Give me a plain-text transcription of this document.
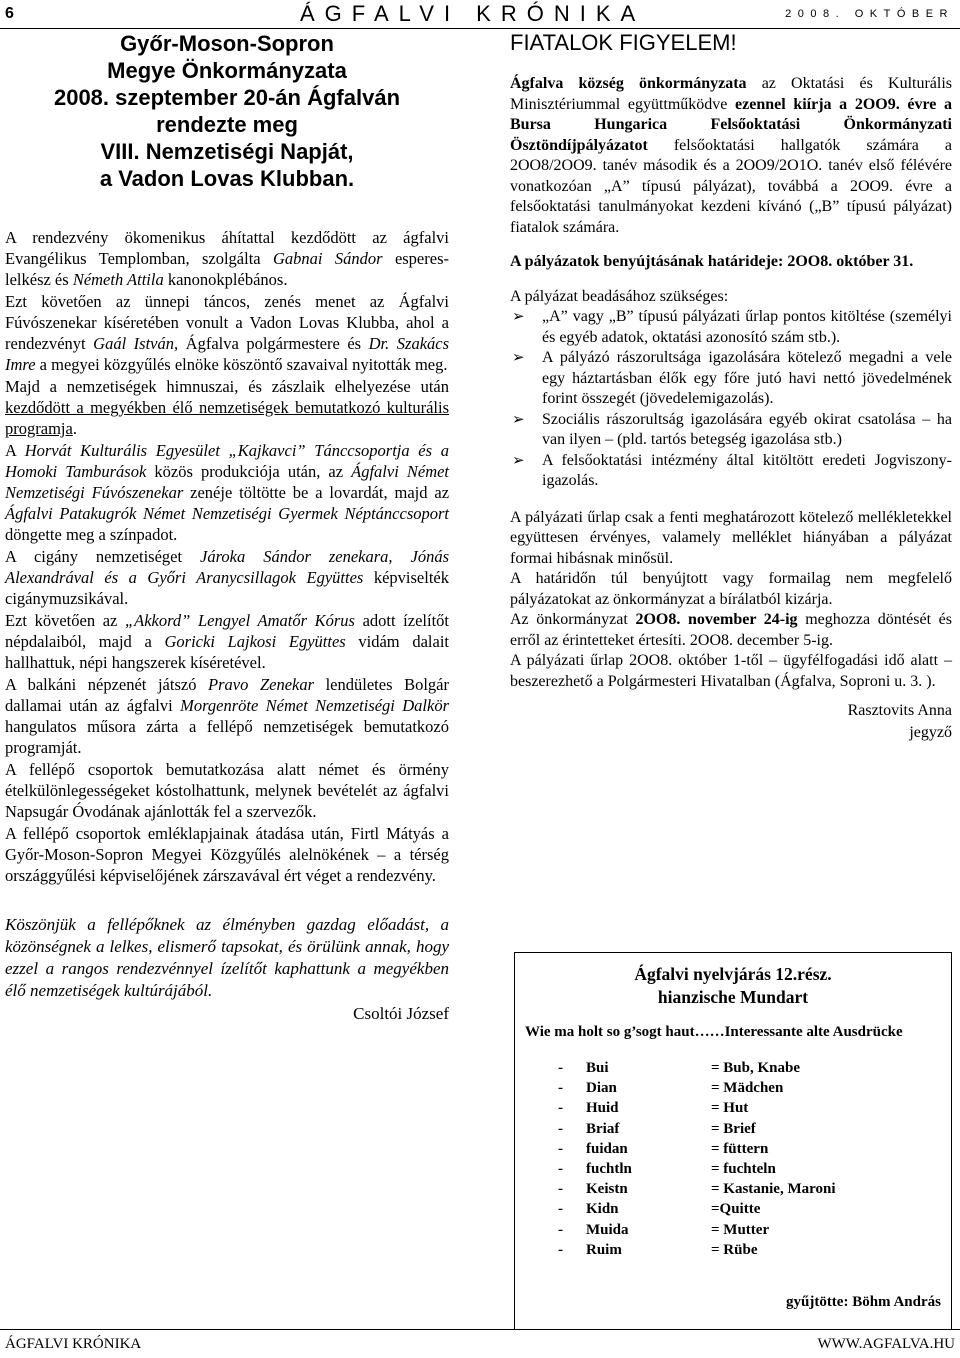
6	ÁGFALVI KRÓNIKA	2008. OKTÓBER
Győr-Moson-Sopron
Megye Önkormányzata
2008. szeptember 20-án Ágfalván
rendezte meg
VIII. Nemzetiségi Napját,
a Vadon Lovas Klubban.

A rendezvény ökomenikus áhítattal kezdődött az ágfalvi Evangélikus Templomban, szolgálta Gabnai Sándor esperes-lelkész és Németh Attila kanonokplébános.

Ezt követően az ünnepi táncos, zenés menet az Ágfalvi Fúvószenekar kíséretében vonult a Vadon Lovas Klubba, ahol a rendezvényt Gaál István, Ágfalva polgármestere és Dr. Szakács Imre a megyei közgyűlés elnöke köszöntő szavaival nyitották meg.

Majd a nemzetiségek himnuszai, és zászlaik elhelyezése után kezdődött a megyékben élő nemzetiségek bemutatkozó kulturális programja.

A Horvát Kulturális Egyesület „Kajkavci” Tánccsoportja és a Homoki Tamburások közös produkciója után, az Ágfalvi Német Nemzetiségi Fúvószenekar zenéje töltötte be a lovardát, majd az Ágfalvi Patakugrók Német Nemzetiségi Gyermek Néptánccsoport döngette meg a színpadot.

A cigány nemzetiséget Jároka Sándor zenekara, Jónás Alexandrával és a Győri Aranycsillagok Együttes képviselték cigánymuzsikával.

Ezt követően az „Akkord” Lengyel Amatőr Kórus adott ízelítőt népdalaiból, majd a Goricki Lajkosi Együttes vidám dalait hallhattuk, népi hangszerek kíséretével.

A balkáni népzenét játszó Pravo Zenekar lendületes Bolgár dallamai után az ágfalvi Morgenröte Német Nemzetiségi Dalkör hangulatos műsora zárta a fellépő nemzetiségek bemutatkozó programját.

A fellépő csoportok bemutatkozása alatt német és örmény ételkülönlegességeket kóstolhattunk, melynek bevételét az ágfalvi Napsugár Óvodának ajánlották fel a szervezők.

A fellépő csoportok emléklapjainak átadása után, Firtl Mátyás a Győr-Moson-Sopron Megyei Közgyűlés alelnökének – a térség országgyűlési képviselőjének zárszavával ért véget a rendezvény.

Köszönjük a fellépőknek az élményben gazdag előadást, a közönségnek a lelkes, elismerő tapsokat, és örülünk annak, hogy ezzel a rangos rendezvénnyel ízelítőt kaphattunk a megyékben élő nemzetiségek kultúrájából.

Csoltói József
FIATALOK FIGYELEM!

Ágfalva község önkormányzata az Oktatási és Kulturális Minisztériummal együttműködve ezennel kiírja a 2OO9. évre a Bursa Hungarica Felsőoktatási Önkormányzati Ösztöndíjpályázatot felsőoktatási hallgatók számára a 2OO8/2OO9. tanév második és a 2OO9/2O1O. tanév első félévére vonatkozóan „A” típusú pályázat), továbbá a 2OO9. évre a felsőoktatási tanulmányokat kezdeni kívánó („B” típusú pályázat) fiatalok számára.

A pályázatok benyújtásának határideje: 2OO8. október 31.

A pályázat beadásához szükséges:

➢ „A” vagy „B” típusú pályázati űrlap pontos kitöltése (személyi és egyéb adatok, oktatási azonosító szám stb.).
➢ A pályázó rászorultsága igazolására kötelező megadni a vele egy háztartásban élők egy főre jutó havi nettó jövedelmének forint összegét (jövedelemigazolás).
➢ Szociális rászorultság igazolására egyéb okirat csatolása – ha van ilyen – (pld. tartós betegség igazolása stb.)
➢ A felsőoktatási intézmény által kitöltött eredeti Jogviszony-igazolás.

A pályázati űrlap csak a fenti meghatározott kötelező mellékletekkel együttesen érvényes, valamely melléklet hiányában a pályázat formai hibásnak minősül.

A határidőn túl benyújtott vagy formailag nem megfelelő pályázatokat az önkormányzat a bírálatból kizárja.

Az önkormányzat 2OO8. november 24-ig meghozza döntését és erről az érintetteket értesíti. 2OO8. december 5-ig.

A pályázati űrlap 2OO8. október 1-től – ügyfélfogadási idő alatt – beszerezhető a Polgármesteri Hivatalban (Ágfalva, Soproni u. 3. ).

Rasztovits Anna
jegyző
Ágfalvi nyelvjárás 12.rész.
hianzische Mundart
Wie ma holt so g’sogt haut……Interessante alte Ausdrücke
-	Bui	= Bub, Knabe
-	Dian	= Mädchen
-	Huid	= Hut
-	Briaf	= Brief
-	fuidan	= füttern
-	fuchtln	= fuchteln
-	Keistn	= Kastanie, Maroni
-	Kidn	=Quitte
-	Muida	= Mutter
-	Ruim	= Rübe
gyűjtötte: Böhm András
ÁGFALVI KRÓNIKA	WWW.AGFALVA.HU
